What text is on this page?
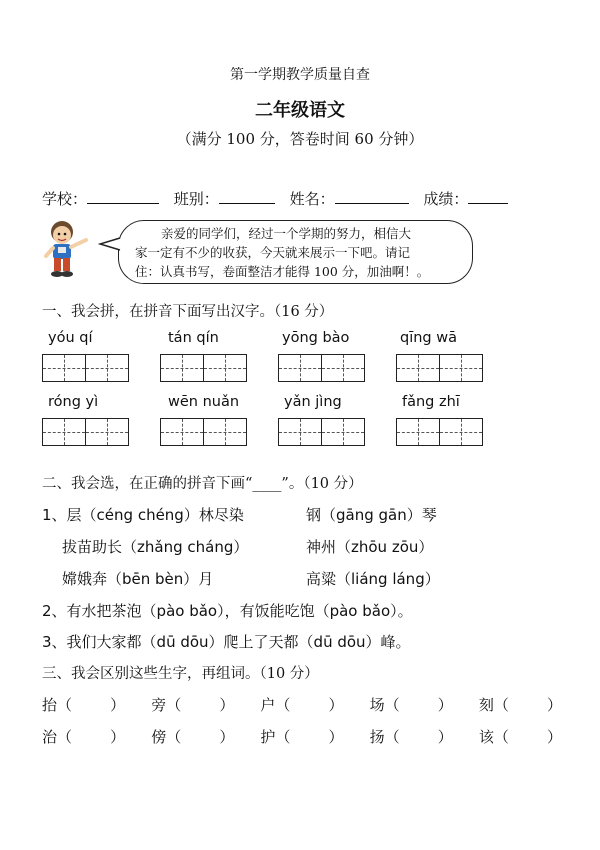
第一学期教学质量自查
二年级语文
（满分 100 分，答卷时间 60 分钟）
学校：	班别：	姓名：	成绩：
亲爱的同学们，经过一个学期的努力，相信大
家一定有不少的收获，今天就来展示一下吧。请记
住：认真书写，卷面整洁才能得 100 分，加油啊！。
一、我会拼，在拼音下面写出汉字。（16 分）
yóu qí	tán qín	yōng bào	qīng wā
róng yì	wēn nuǎn	yǎn jìng	fǎng zhī
二、我会选，在正确的拼音下画“____”。（10 分）
1、层（céng chéng）林尽染	钢（gāng gān）琴
拔苗助长（zhǎng cháng）	神州（zhōu zōu）
嫦娥奔（bēn bèn）月	高粱（liáng láng）
2、有水把茶泡（pào bǎo），有饭能吃饱（pào bǎo）。
3、我们大家都（dū dōu）爬上了天都（dū dōu）峰。
三、我会区别这些生字，再组词。（10 分）
抬（        ） 旁（        ） 户（        ） 场（        ） 刻（        ）
治（        ） 傍（        ） 护（        ） 扬（        ） 该（        ）
